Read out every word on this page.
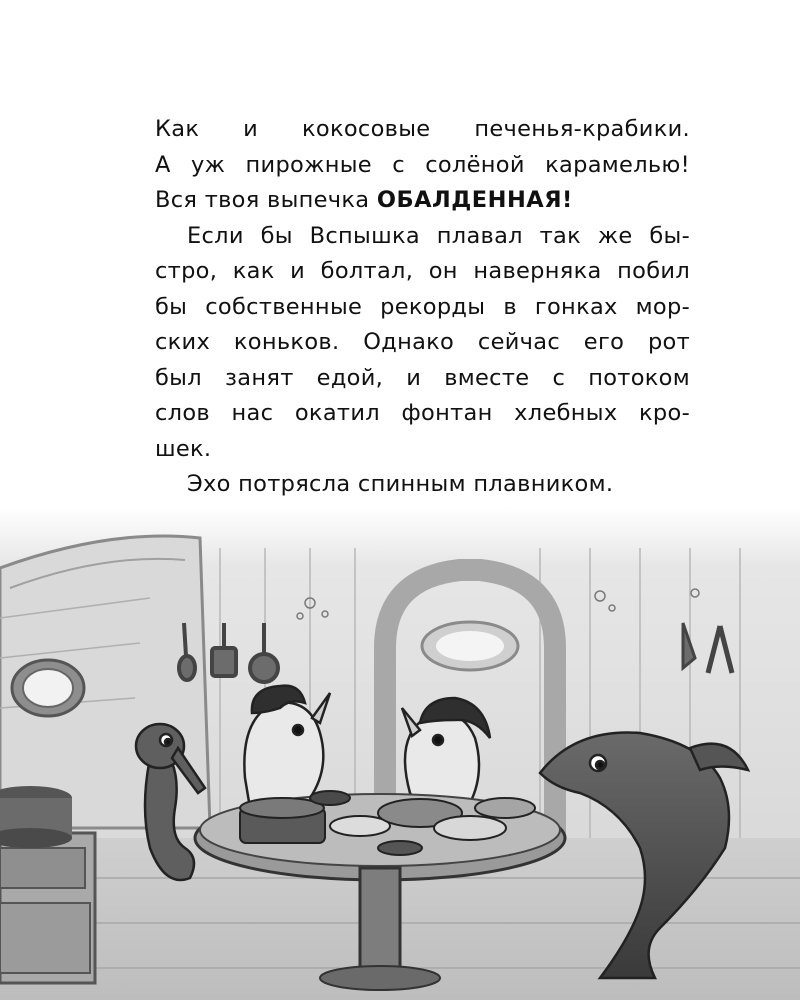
Как и кокосовые печенья-крабики.
А уж пирожные с солёной карамелью!
Вся твоя выпечка ОБАЛДЕННАЯ!
Если бы Вспышка плавал так же бы-
стро, как и болтал, он наверняка побил
бы собственные рекорды в гонках мор-
ских коньков. Однако сейчас его рот
был занят едой, и вместе с потоком
слов нас окатил фонтан хлебных кро-
шек.
Эхо потрясла спинным плавником.
